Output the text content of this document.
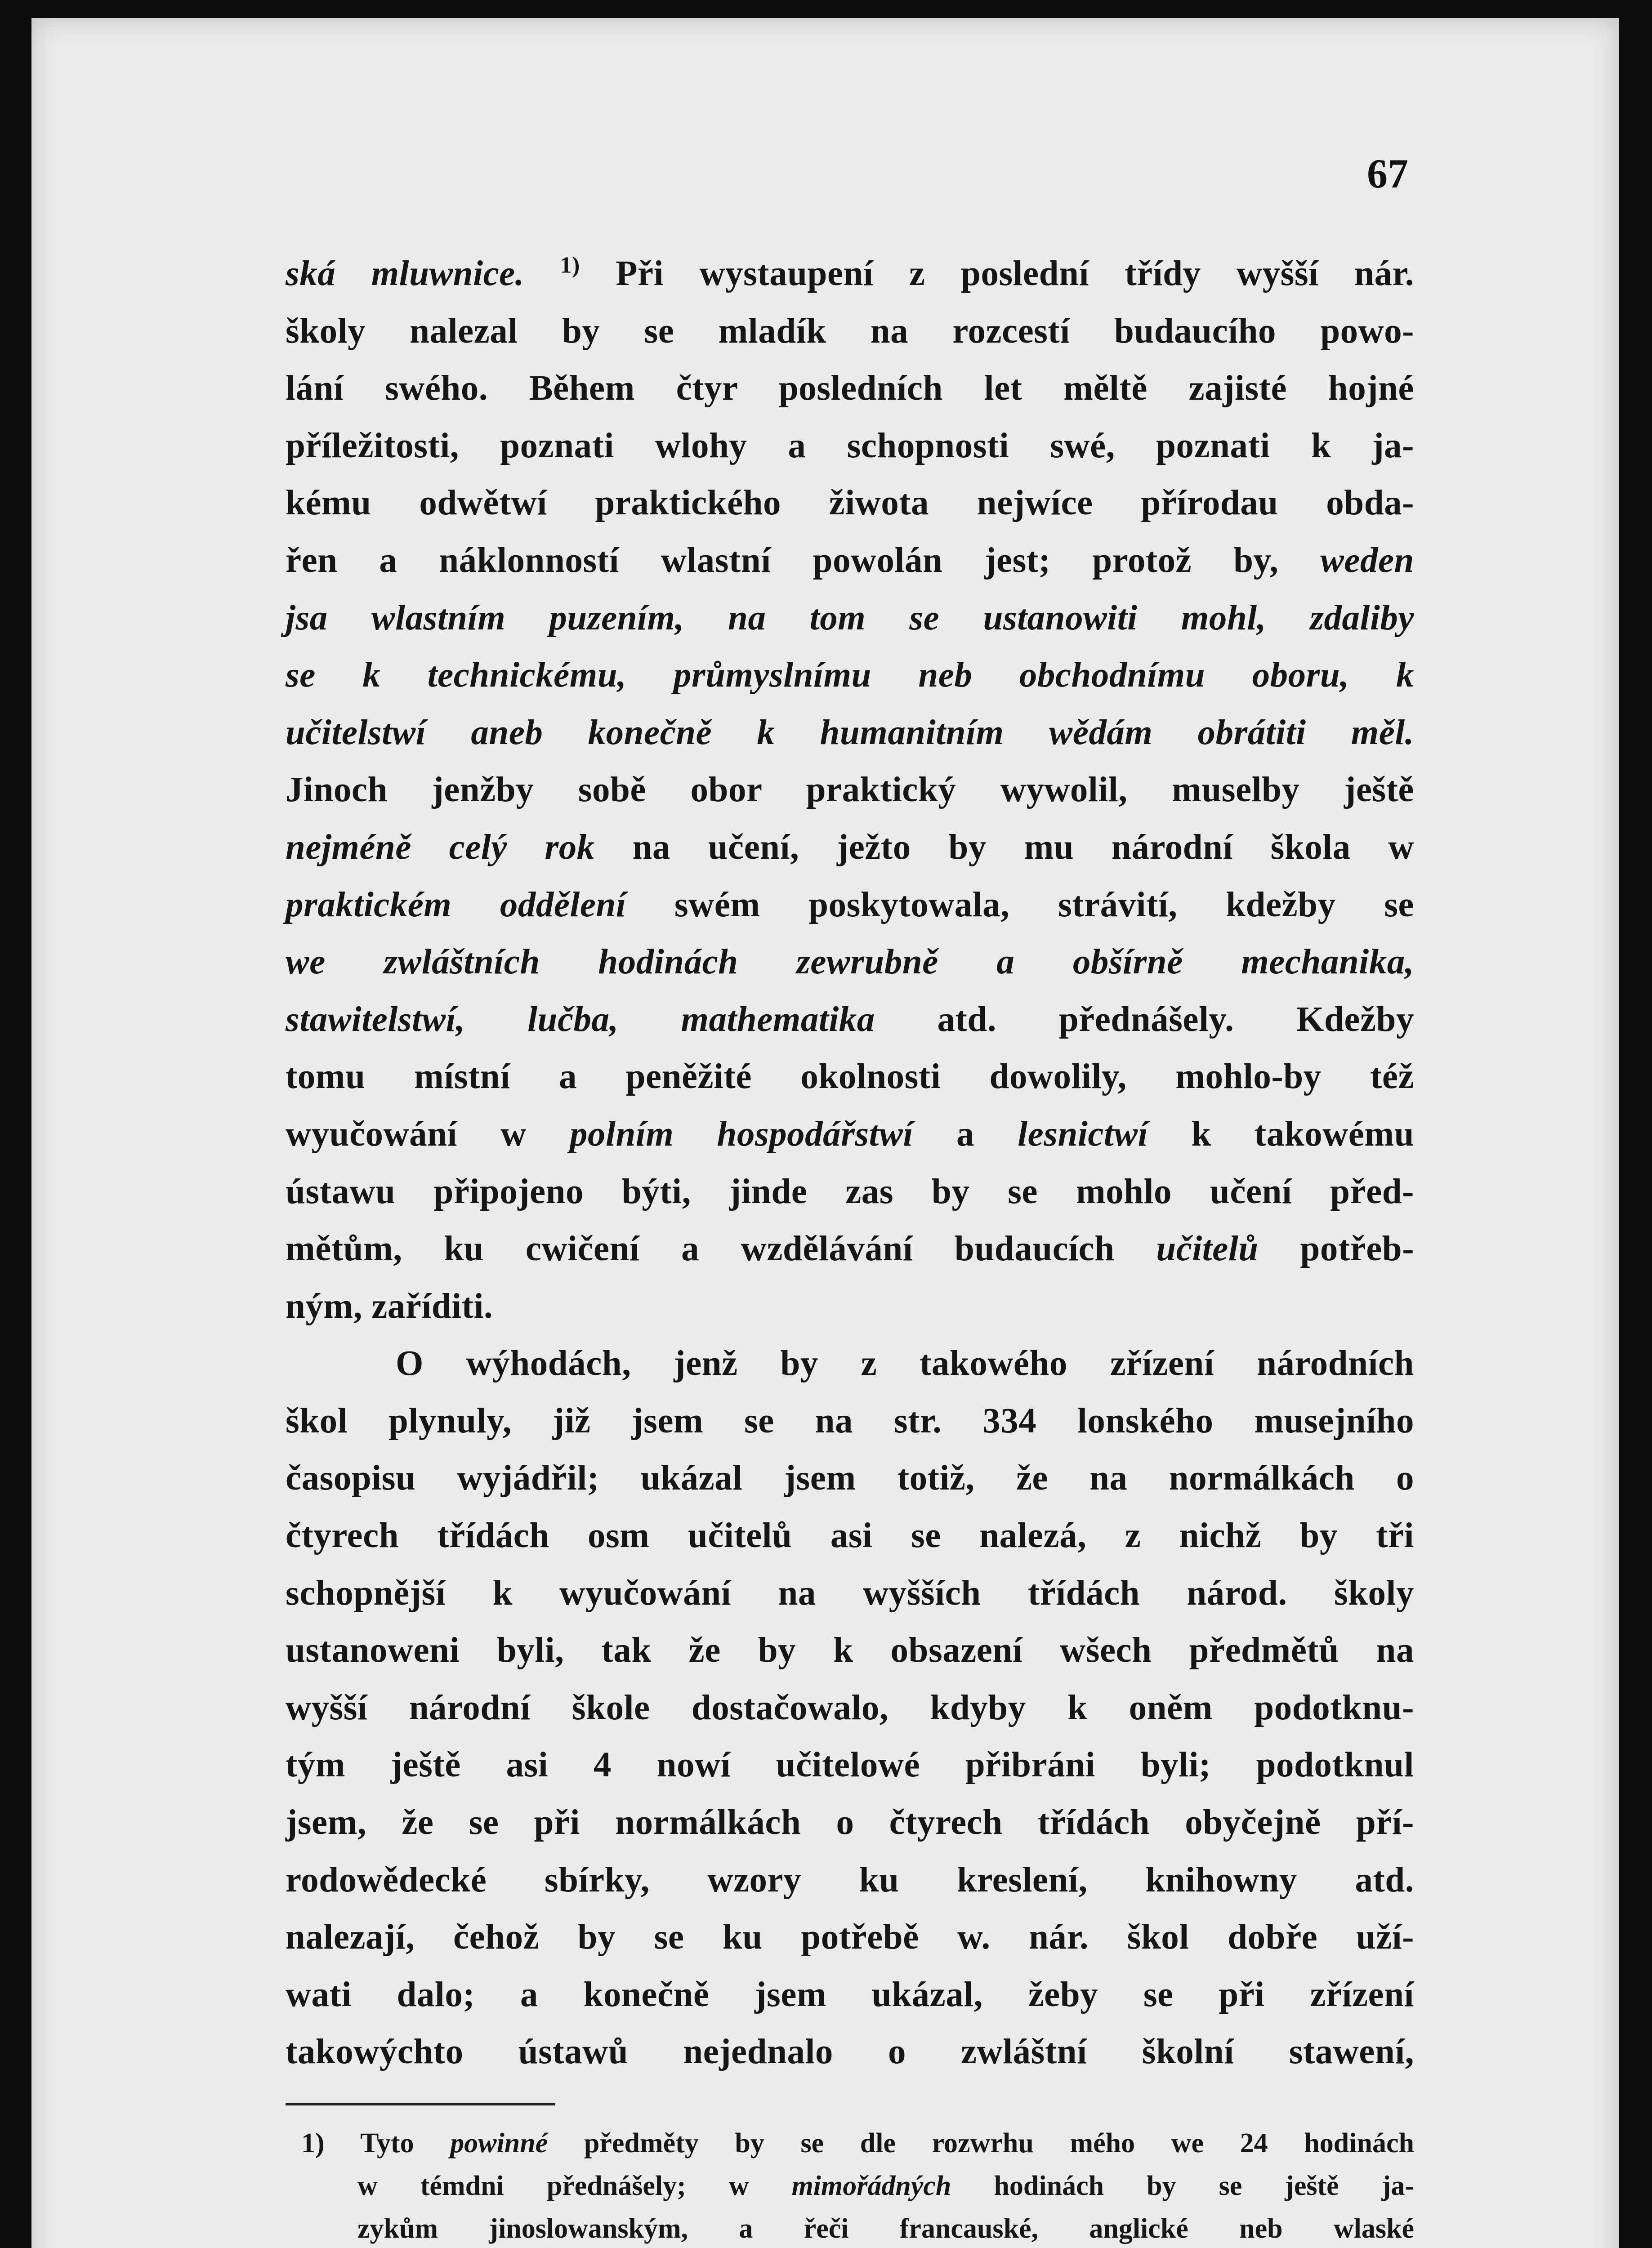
67
ská mluwnice. $^{1)}$ Při wystaupení z poslední třídy wyšší nár.
školy nalezal by se mladík na rozcestí budaucího powo-
lání swého. Během čtyr posledních let měltě zajisté hojné
příležitosti, poznati wlohy a schopnosti swé, poznati k ja-
kému odwětwí praktického žiwota nejwíce přírodau obda-
řen a náklonností wlastní powolán jest; protož by, weden
jsa wlastním puzením, na tom se ustanowiti mohl, zdaliby
se k technickému, průmyslnímu neb obchodnímu oboru, k
učitelstwí aneb konečně k humanitním wědám obrátiti měl.
Jinoch jenžby sobě obor praktický wywolil, muselby ještě
nejméně celý rok na učení, ježto by mu národní škola w
praktickém oddělení swém poskytowala, strávití, kdežby se
we zwláštních hodinách zewrubně a obšírně mechanika,
stawitelstwí, lučba, mathematika atd. přednášely. Kdežby
tomu místní a peněžité okolnosti dowolily, mohlo-by též
wyučowání w polním hospodářstwí a lesnictwí k takowému
ústawu připojeno býti, jinde zas by se mohlo učení před-
mětům, ku cwičení a wzdělávání budaucích učitelů potřeb-
ným, zaříditi.
O wýhodách, jenž by z takowého zřízení národních
škol plynuly, již jsem se na str. 334 lonského musejního
časopisu wyjádřil; ukázal jsem totiž, že na normálkách o
čtyrech třídách osm učitelů asi se nalezá, z nichž by tři
schopnější k wyučowání na wyšších třídách národ. školy
ustanoweni byli, tak že by k obsazení wšech předmětů na
wyšší národní škole dostačowalo, kdyby k oněm podotknu-
tým ještě asi 4 nowí učitelowé přibráni byli; podotknul
jsem, že se při normálkách o čtyrech třídách obyčejně pří-
rodowědecké sbírky, wzory ku kreslení, knihowny atd.
nalezají, čehož by se ku potřebě w. nár. škol dobře uží-
wati dalo; a konečně jsem ukázal, žeby se při zřízení
takowýchto ústawů nejednalo o zwláštní školní stawení,
1) Tyto powinné předměty by se dle rozwrhu mého we 24 hodinách
w témdni přednášely; w mimořádných hodinách by se ještě ja-
zykům jinoslowanským, a řeči francauské, anglické neb wlaské
